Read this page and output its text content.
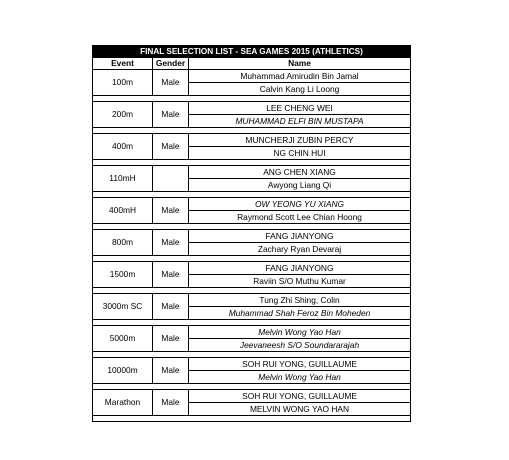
FINAL SELECTION LIST - SEA GAMES 2015 (ATHLETICS)		
Event	Gender	Name
100m	Male	Muhammad Amirudin Bin Jamal
		Calvin Kang Li Loong

200m	Male	LEE CHENG WEI
		MUHAMMAD ELFI BIN MUSTAPA

400m	Male	MUNCHERJI ZUBIN PERCY
		NG CHIN HUI

110mH		ANG CHEN XIANG
		Awyong Liang Qi

400mH	Male	OW YEONG YU XIANG
		Raymond Scott Lee Chian Hoong

800m	Male	FANG JIANYONG
		Zachary Ryan Devaraj

1500m	Male	FANG JIANYONG
		Raviin S/O Muthu Kumar

3000m SC	Male	Tung Zhi Shing, Colin
		Muhammad Shah Feroz Bin Moheden

5000m	Male	Melvin Wong Yao Han
		Jeevaneesh S/O Soundararajah

10000m	Male	SOH RUI YONG, GUILLAUME
		Melvin Wong Yao Han

Marathon	Male	SOH RUI YONG, GUILLAUME
		MELVIN WONG YAO HAN
